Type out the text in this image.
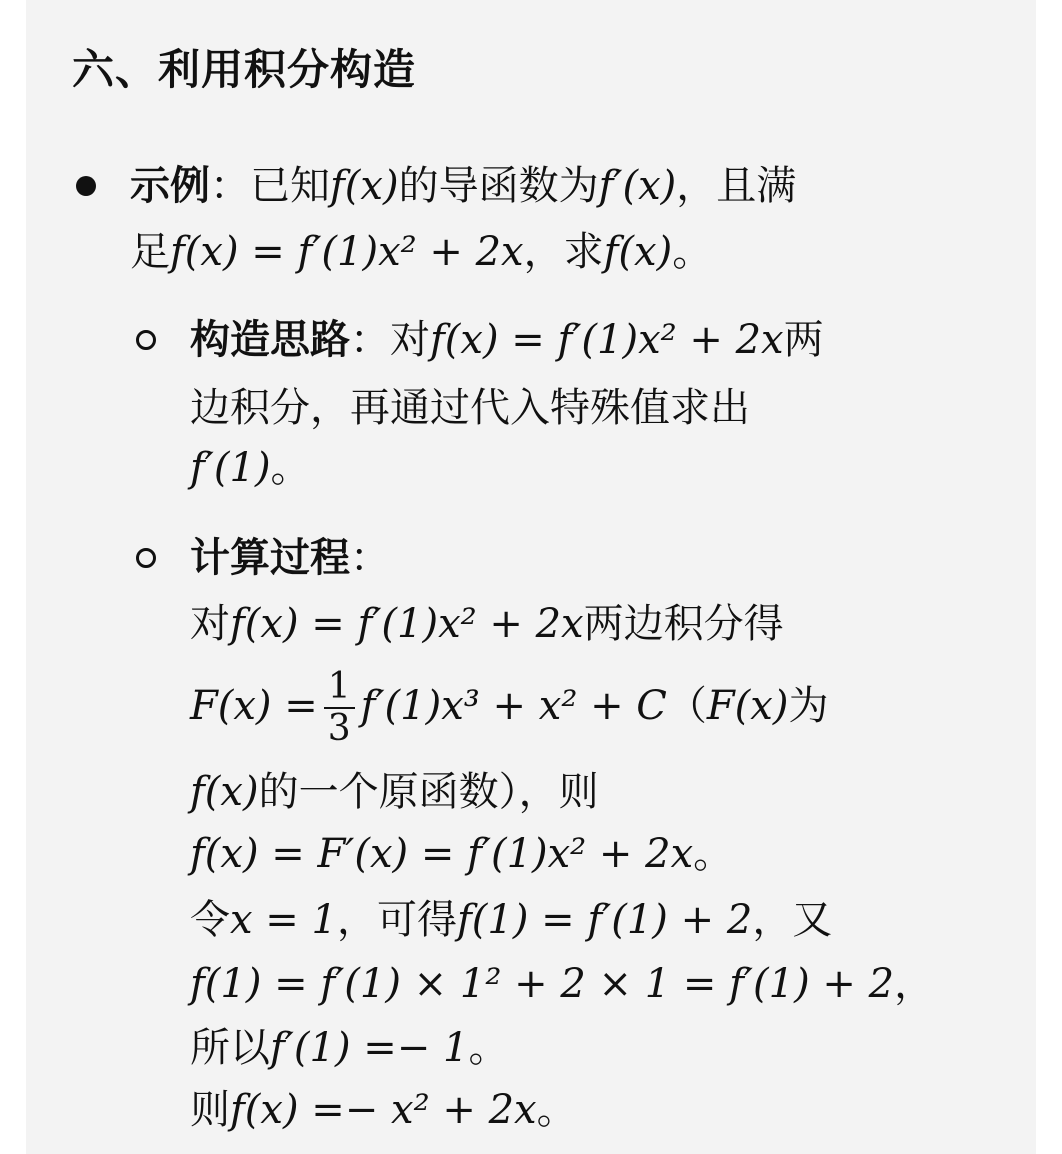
六、利用积分构造
示例：已知f(x)的导函数为f′(x)，且满
足f(x) = f′(1)x² + 2x，求f(x)。
构造思路：对f(x) = f′(1)x² + 2x两
边积分，再通过代入特殊值求出
f′(1)。
计算过程：
对f(x) = f′(1)x² + 2x两边积分得
$F(x) = \frac{1}{3} f'(1)x^3 + x^2 + C(F(x)$为
f(x)的一个原函数），则
f(x) = F′(x) = f′(1)x² + 2x。
令x = 1，可得f(1) = f′(1) + 2，又
f(1) = f′(1) × 1² + 2 × 1 = f′(1) + 2，
所以f′(1) =− 1。
则f(x) =− x² + 2x。
